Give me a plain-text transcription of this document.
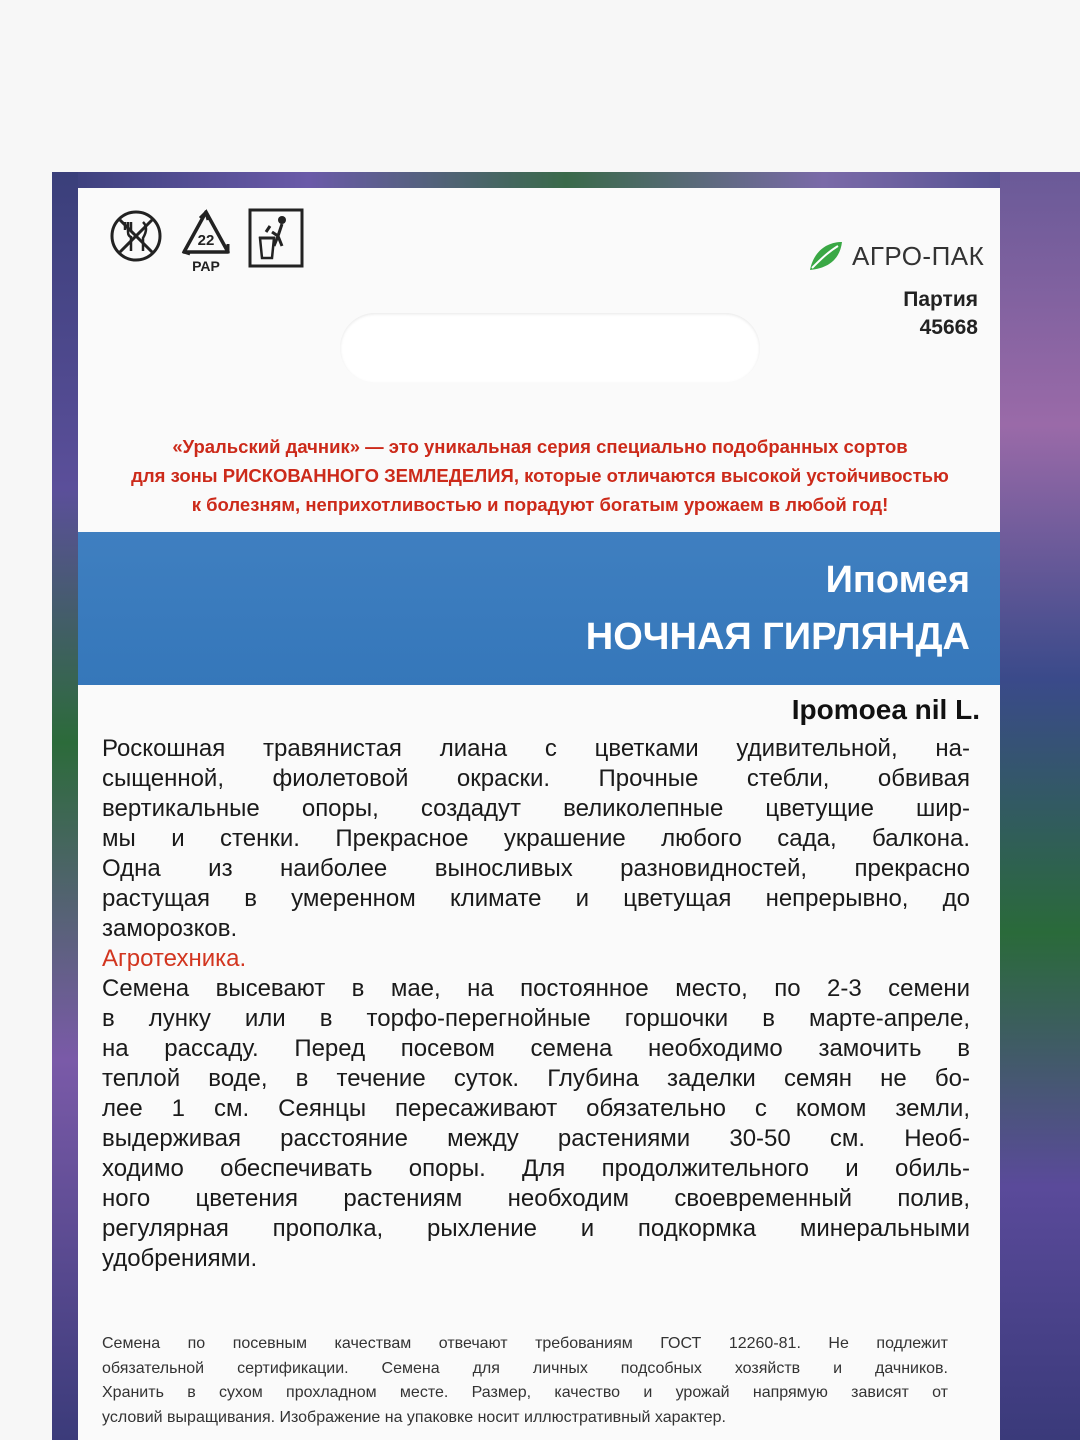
22
PAP	АГРО-ПАК
Партия
45668
«Уральский дачник» — это уникальная серия специально подобранных сортов
для зоны РИСКОВАННОГО ЗЕМЛЕДЕЛИЯ, которые отличаются высокой устойчивостью
к болезням, неприхотливостью и порадуют богатым урожаем в любой год!
Ипомея
НОЧНАЯ ГИРЛЯНДА
Ipomoea nil L.
Роскошная травянистая лиана с цветками удивительной, на-
сыщенной, фиолетовой окраски. Прочные стебли, обвивая
вертикальные опоры, создадут великолепные цветущие шир-
мы и стенки. Прекрасное украшение любого сада, балкона.
Одна из наиболее выносливых разновидностей, прекрасно
растущая в умеренном климате и цветущая непрерывно, до
заморозков.
Агротехника.
Семена высевают в мае, на постоянное место, по 2-3 семени
в лунку или в торфо-перегнойные горшочки в марте-апреле,
на рассаду. Перед посевом семена необходимо замочить в
теплой воде, в течение суток. Глубина заделки семян не бо-
лее 1 см. Сеянцы пересаживают обязательно с комом земли,
выдерживая расстояние между растениями 30-50 см. Необ-
ходимо обеспечивать опоры. Для продолжительного и обиль-
ного цветения растениям необходим своевременный полив,
регулярная прополка, рыхление и подкормка минеральными
удобрениями.
Семена по посевным качествам отвечают требованиям ГОСТ 12260-81. Не подлежит
обязательной сертификации. Семена для личных подсобных хозяйств и дачников.
Хранить в сухом прохладном месте. Размер, качество и урожай напрямую зависят от
условий выращивания. Изображение на упаковке носит иллюстративный характер.
